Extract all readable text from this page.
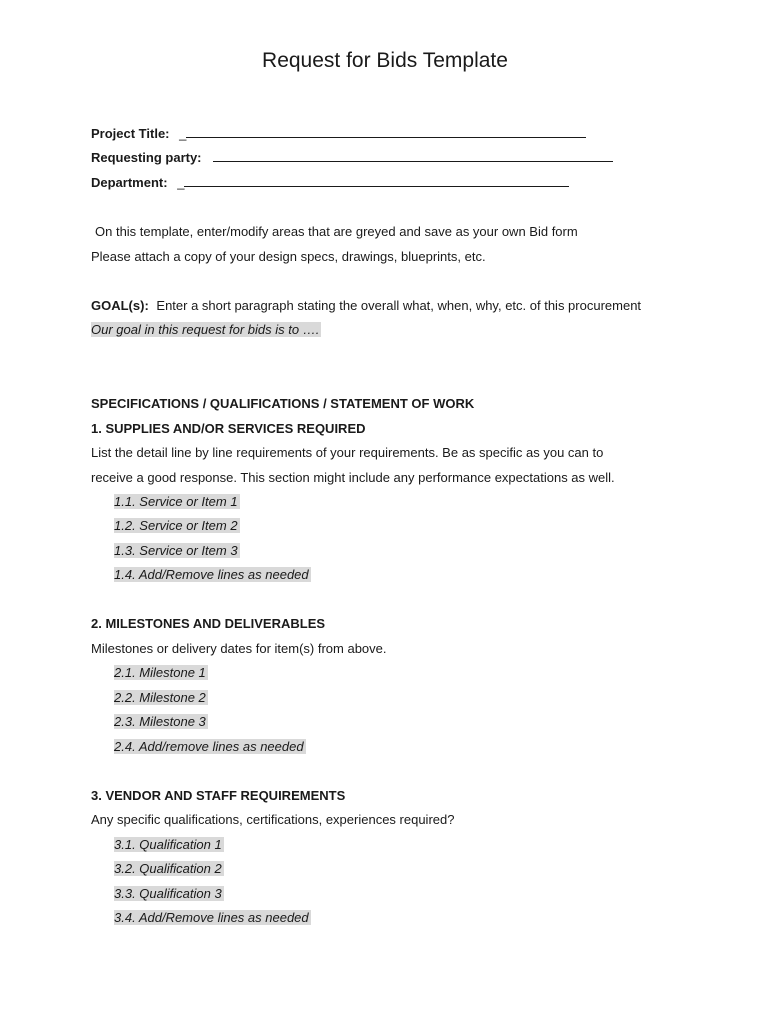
Request for Bids Template
Project Title: _
Requesting party:
Department: _
On this template, enter/modify areas that are greyed and save as your own Bid form
Please attach a copy of your design specs, drawings, blueprints, etc.
GOAL(s): Enter a short paragraph stating the overall what, when, why, etc. of this procurement
Our goal in this request for bids is to ….
SPECIFICATIONS / QUALIFICATIONS / STATEMENT OF WORK
1. SUPPLIES AND/OR SERVICES REQUIRED
List the detail line by line requirements of your requirements. Be as specific as you can to
receive a good response. This section might include any performance expectations as well.
1.1. Service or Item 1
1.2. Service or Item 2
1.3. Service or Item 3
1.4. Add/Remove lines as needed
2. MILESTONES AND DELIVERABLES
Milestones or delivery dates for item(s) from above.
2.1. Milestone 1
2.2. Milestone 2
2.3. Milestone 3
2.4. Add/remove lines as needed
3. VENDOR AND STAFF REQUIREMENTS
Any specific qualifications, certifications, experiences required?
3.1. Qualification 1
3.2. Qualification 2
3.3. Qualification 3
3.4. Add/Remove lines as needed
